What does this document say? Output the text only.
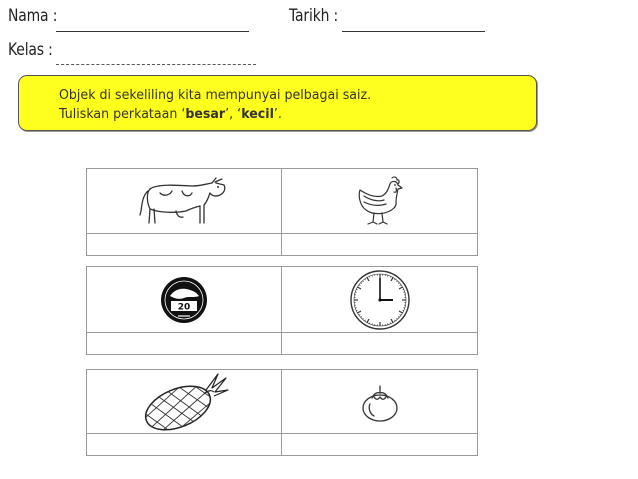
Nama :	Tarikh :
Kelas :
Objek di sekeliling kita mempunyai pelbagai saiz.
Tuliskan perkataan ‘besar’, ‘kecil’.
20
